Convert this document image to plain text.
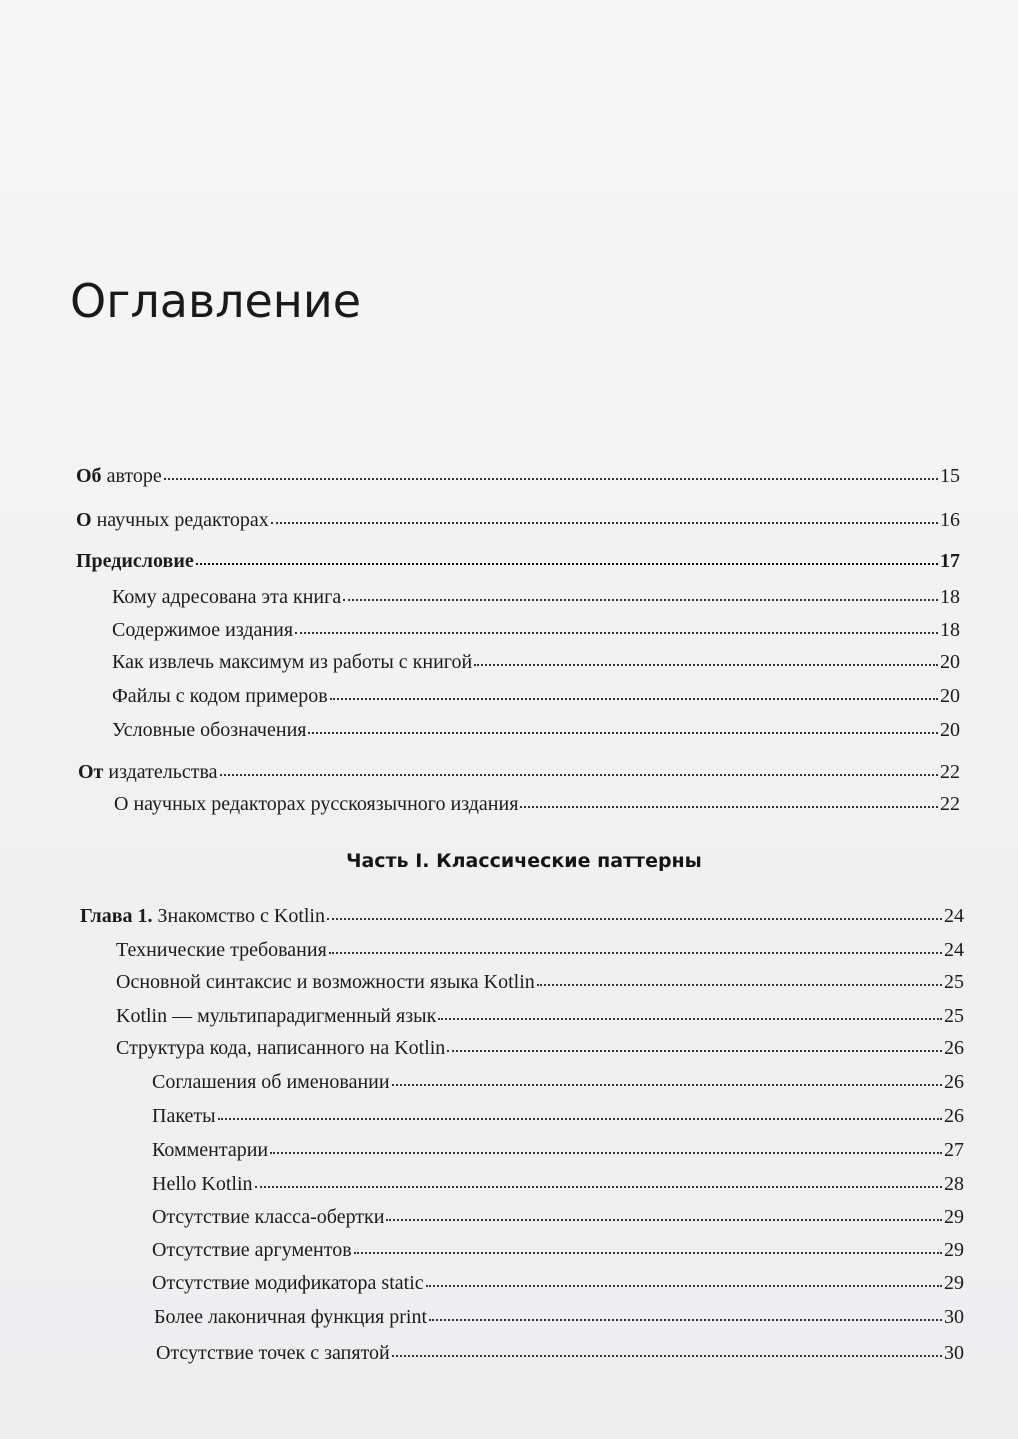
Оглавление
Об авторе	15
О научных редакторах	16
Предисловие	17
Кому адресована эта книга	18
Содержимое издания	18
Как извлечь максимум из работы с книгой	20
Файлы с кодом примеров	20
Условные обозначения	20
От издательства	22
О научных редакторах русскоязычного издания	22
Часть I. Классические паттерны
Глава 1. Знакомство с Kotlin	24
Технические требования	24
Основной синтаксис и возможности языка Kotlin	25
Kotlin — мультипарадигменный язык	25
Структура кода, написанного на Kotlin	26
Соглашения об именовании	26
Пакеты	26
Комментарии	27
Hello Kotlin	28
Отсутствие класса-обертки	29
Отсутствие аргументов	29
Отсутствие модификатора static	29
Более лаконичная функция print	30
Отсутствие точек с запятой	30
